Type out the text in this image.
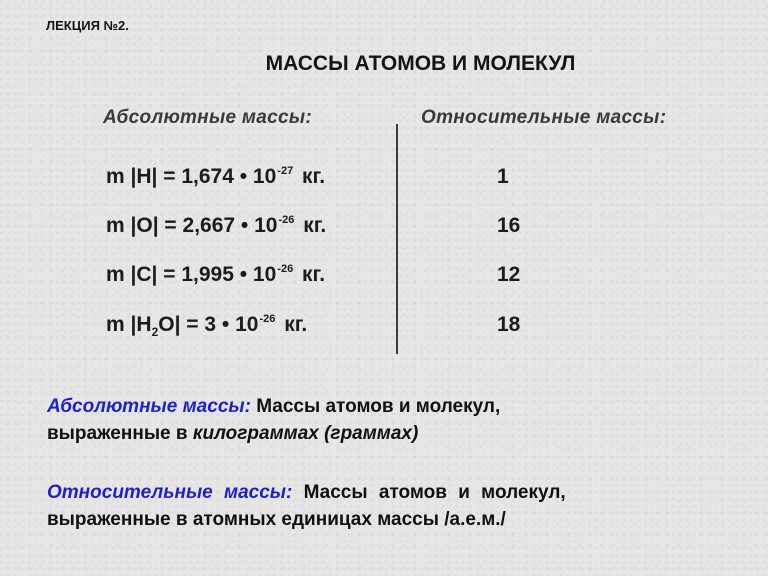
ЛЕКЦИЯ №2.
МАССЫ АТОМОВ И МОЛЕКУЛ
Абсолютные массы:	Относительные массы:
m |H| = 1,674 • $10^{-27}$ кг.	1
m |O| = 2,667 • $10^{-26}$ кг.	16
m |C| = 1,995 • $10^{-26}$ кг.	12
m $|H_2O| = 3$ • $10^{-26}$ кг.	18
Абсолютные массы: Массы атомов и молекул,
выраженные в килограммах (граммах)
Относительные массы: Массы атомов и молекул,
выраженные в атомных единицах массы /а.е.м./
